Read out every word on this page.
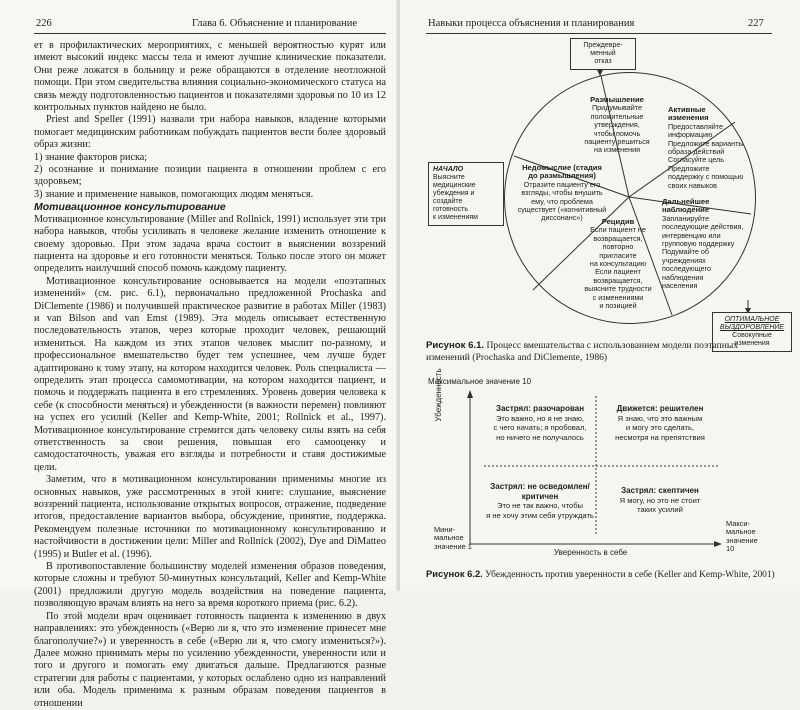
226	Глава 6. Объяснение и планирование

ет в профилактических мероприятиях, с меньшей вероятностью курят или имеют высокий индекс массы тела и имеют лучшие клинические показатели. Они реже ложатся в больницу и реже обращаются в отделение неотложной помощи. При этом сведительства влияния социально-экономического статуса на связь между подготовленностью пациентов и показателями здоровья по 10 из 12 контрольных пунктов найдено не было.

Priest and Speller (1991) назвали три набора навыков, владение которыми помогает медицинским работникам побуждать пациентов вести более здоровый образ жизни:

1) знание факторов риска;

2) осознание и понимание позиции пациента в отношении проблем с его здоровьем;

3) знание и применение навыков, помогающих людям меняться.

Мотивационное консультирование

Мотивационное консультирование (Miller and Rollnick, 1991) использует эти три набора навыков, чтобы усиливать в человеке желание изменить отношение к своему здоровью. При этом задача врача состоит в выяснении воззрений пациента на здоровье и его готовности меняться. Только после этого он может определить наилучший способ помочь каждому пациенту.

Мотивационное консультирование основывается на модели «поэтапных изменений» (см. рис. 6.1), первоначально предложенной Prochaska and DiClemente (1986) и получившей практическое развитие в работах Miller (1983) и van Bilson and van Emst (1989). Эта модель описывает естественную последовательность этапов, через которые проходит человек, решающий измениться. На каждом из этих этапов человек мыслит по-разному, и профессиональное вмешательство будет тем успешнее, чем лучше будет адаптировано к тому этапу, на котором находится человек. Роль специалиста — определить этап процесса самомотивации, на котором находится пациент, и помочь и поддержать пациента в его стремлениях. Уровень доверия человека к себе (к способности меняться) и убежденности (в важности перемен) повлияют на успех его усилий (Keller and Kemp-White, 2001; Rollnick et al., 1997). Мотивационное консультирование стремится дать человеку силы взять на себя ответственность за свои решения, повышая его самооценку и самодостаточность, уважая его взгляды и потребности и ставя достижимые цели.

Заметим, что в мотивационном консультировании применимы многие из основных навыков, уже рассмотренных в этой книге: слушание, выяснение воззрений пациента, использование открытых вопросов, отражение, подведение итогов, предоставление вариантов выбора, обсуждение, принятие, поддержка. Рекомендуем полезные источники по мотивационному консультированию и настойчивости в достижении цели: Miller and Rollnick (2002), Dye and DiMatteo (1995) и Butler et al. (1996).

В противопоставление большинству моделей изменения образов поведения, которые сложны и требуют 50-минутных консультаций, Keller and Kemp-White (2001) предложили другую модель воздействия на поведение пациента, позволяющую врачам влиять на него за время короткого приема (рис. 6.2).

По этой модели врач оценивает готовность пациента к изменению в двух направлениях: это убежденность («Верю ли я, что это изменение принесет мне благополучие?») и уверенность в себе («Верю ли я, что смогу измениться?»). Далее можно принимать меры по усилению убежденности, уверенности или и того и другого и помогать ему двигаться дальше. Предлагаются разные стратегии для работы с пациентами, у которых ослаблено одно из направлений или оба. Модель применима к разным образам поведения пациентов в отношении

Навыки процесса объяснения и планирования	227
Преждевре-
менный
отказ
НАЧАЛО
Выясните
медицинские
убеждения и
создайте готовность
к изменениям
ОПТИМАЛЬНОЕ
ВЫЗДОРОВЛЕНИЕ
Совокупные изменения
Размышление
Придумывайте
положительные
утверждения,
чтобы помочь
пациенту решиться
на изменения
Активные
изменения
Предоставляйте
информацию
Предложите варианты
образа действий
Согласуйте цель
Предложите
поддержку с помощью
своих навыков
Недомыслие (стадия
до размышления)
Отразите пациенту его
взгляды, чтобы внушить
ему, что проблема
существует («когнитивный
диссонанс»)
Дальнейшее
наблюдение
Запланируйте
последующие действия,
интервенцию или
групповую поддержку
Подумайте об
учреждениях
последующего
наблюдения
населения
Рецидив
Если пациент не
возвращается,
повторно
пригласите
на консультацию
Если пациент
возвращается,
выясните трудности
с изменениями
и позицией
Рисунок 6.1. Процесс вмешательства с использованием модели поэтапных изменений (Prochaska and DiClemente, 1986)
Максимальное значение 10
Убежденность
Уверенность в себе
Мини-
мальное
значение 1
Макси-
мальное
значение
10
Застрял: разочарован
Это важно, но я не знаю,
с чего начать; я пробовал,
но ничего не получалось
Движется: решителен
Я знаю, что это важным
и могу это сделать,
несмотря на препятствия
Застрял: не осведомлен/
критичен
Это не так важно, чтобы
я не хочу этим себя утруждать
Застрял: скептичен
Я могу, но это не стоит
таких усилий
Рисунок 6.2. Убежденность против уверенности в себе (Keller and Kemp-White, 2001)
